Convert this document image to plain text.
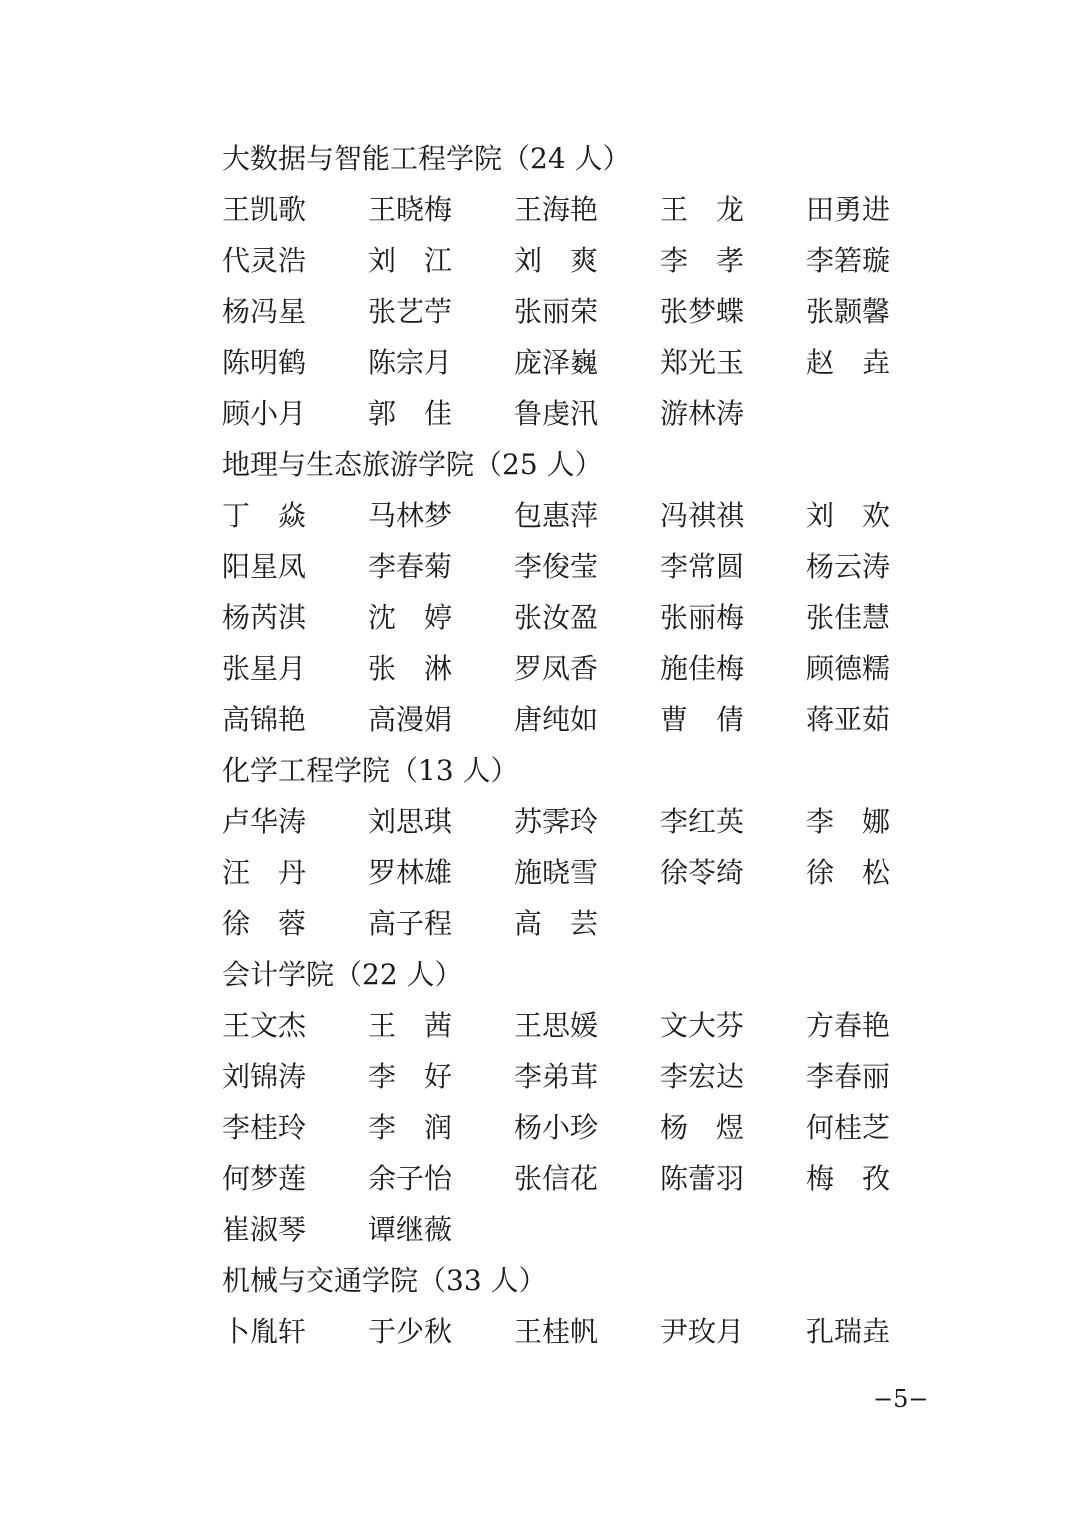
大数据与智能工程学院（24 人）
王 凯 歌 王 晓 梅 王 海 艳 王 龙 田 勇 进
代 灵 浩 刘 江 刘 爽 李 孝 李 箬 璇
杨 冯 星 张 艺 苧 张 丽 荣 张 梦 蝶 张 颢 馨
陈 明 鹤 陈 宗 月 庞 泽 巍 郑 光 玉 赵 垚
顾 小 月 郭 佳 鲁 虔 汛 游 林 涛
地理与生态旅游学院（25 人）
丁 焱 马 林 梦 包 惠 萍 冯 祺 祺 刘 欢
阳 星 凤 李 春 菊 李 俊 莹 李 常 圆 杨 云 涛
杨 芮 淇 沈 婷 张 汝 盈 张 丽 梅 张 佳 慧
张 星 月 张 淋 罗 凤 香 施 佳 梅 顾 德 糯
高 锦 艳 高 漫 娟 唐 纯 如 曹 倩 蒋 亚 茹
化学工程学院（13 人）
卢 华 涛 刘 思 琪 苏 霁 玲 李 红 英 李 娜
汪 丹 罗 林 雄 施 晓 雪 徐 苓 绮 徐 松
徐 蓉 高 子 程 高 芸
会计学院（22 人）
王 文 杰 王 茜 王 思 媛 文 大 芬 方 春 艳
刘 锦 涛 李 好 李 弟 茸 李 宏 达 李 春 丽
李 桂 玲 李 润 杨 小 珍 杨 煜 何 桂 芝
何 梦 莲 余 子 怡 张 信 花 陈 蕾 羽 梅 孜
崔 淑 琴 谭 继 薇
机械与交通学院（33 人）
卜 胤 轩 于 少 秋 王 桂 帆 尹 玫 月 孔 瑞 垚
−5−
